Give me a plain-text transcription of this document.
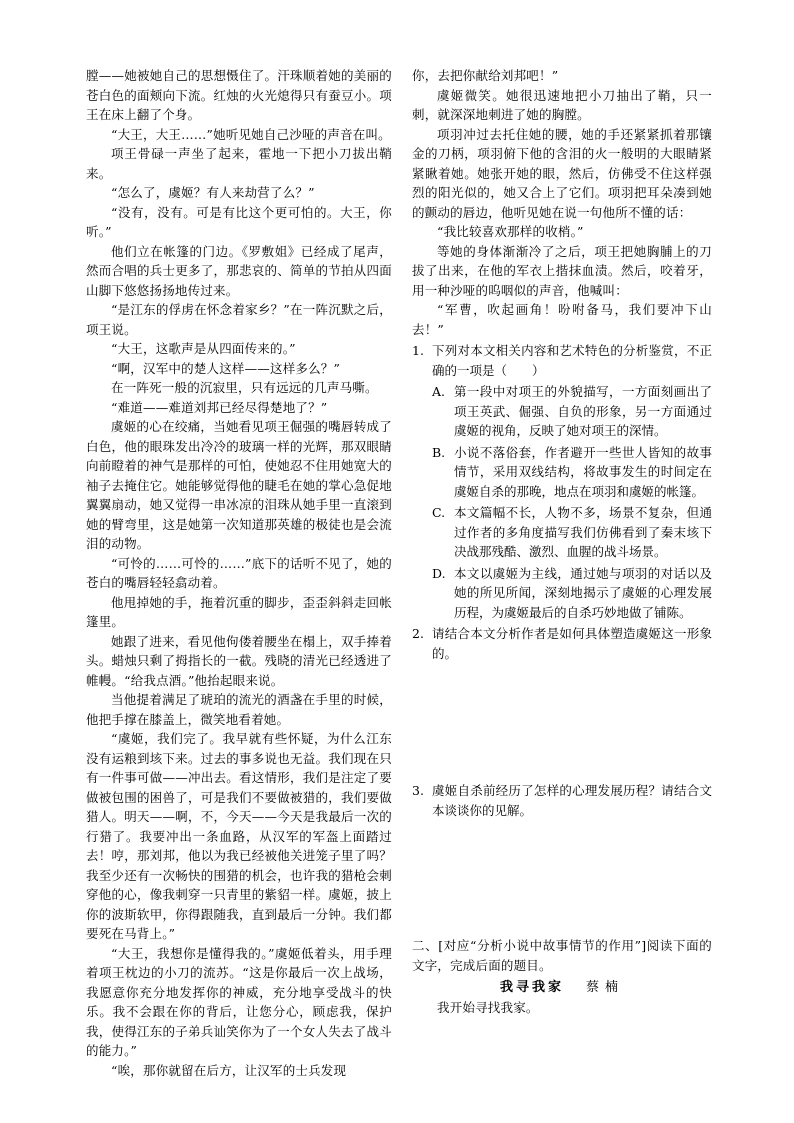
膛——她被她自己的思想慑住了。汗珠顺着她的美丽的苍白色的面颊向下流。红烛的火光熄得只有蚕豆小。项王在床上翻了个身。

“大王，大王……”她听见她自己沙哑的声音在叫。

项王骨碌一声坐了起来，霍地一下把小刀拔出鞘来。

“怎么了，虞姬？有人来劫营了么？”

“没有，没有。可是有比这个更可怕的。大王，你听。”

他们立在帐篷的门边。《罗敷姐》已经成了尾声，然而合唱的兵士更多了，那悲哀的、简单的节拍从四面山脚下悠悠扬扬地传过来。

“是江东的俘虏在怀念着家乡？”在一阵沉默之后，项王说。

“大王，这歌声是从四面传来的。”

“啊，汉军中的楚人这样——这样多么？”

在一阵死一般的沉寂里，只有远远的几声马嘶。

“难道——难道刘邦已经尽得楚地了？”

虞姬的心在绞痛，当她看见项王倔强的嘴唇转成了白色，他的眼珠发出冷冷的玻璃一样的光辉，那双眼睛向前瞪着的神气是那样的可怕，使她忍不住用她宽大的袖子去掩住它。她能够觉得他的睫毛在她的掌心急促地翼翼扇动，她又觉得一串冰凉的泪珠从她手里一直滚到她的臂弯里，这是她第一次知道那英雄的极徒也是会流泪的动物。

“可怜的……可怜的……”底下的话听不见了，她的苍白的嘴唇轻轻翕动着。

他甩掉她的手，拖着沉重的脚步，歪歪斜斜走回帐篷里。

她跟了进来，看见他佝偻着腰坐在榻上，双手捧着头。蜡烛只剩了拇指长的一截。残晓的清光已经透进了帷幔。“给我点酒。”他抬起眼来说。

当他提着满足了琥珀的流光的酒盏在手里的时候，他把手撑在膝盖上，微笑地看着她。

“虞姬，我们完了。我早就有些怀疑，为什么江东没有运粮到垓下来。过去的事多说也无益。我们现在只有一件事可做——冲出去。看这情形，我们是注定了要做被包围的困兽了，可是我们不要做被猎的，我们要做猎人。明天——啊，不，今天——今天是我最后一次的行猎了。我要冲出一条血路，从汉军的军盔上面踏过去！哼，那刘邦，他以为我已经被他关进笼子里了吗？我至少还有一次畅快的围猎的机会，也许我的猎枪会刺穿他的心，像我刺穿一只青里的紫貂一样。虞姬，披上你的波斯软甲，你得跟随我，直到最后一分钟。我们都要死在马背上。”

“大王，我想你是懂得我的。”虞姬低着头，用手理着项王枕边的小刀的流苏。“这是你最后一次上战场，我愿意你充分地发挥你的神威，充分地享受战斗的快乐。我不会跟在你的背后，让您分心，顾虑我，保护我，使得江东的子弟兵讪笑你为了一个女人失去了战斗的能力。”

“唉，那你就留在后方，让汉军的士兵发现

你，去把你献给刘邦吧！”

虞姬微笑。她很迅速地把小刀抽出了鞘，只一刺，就深深地刺进了她的胸膛。

项羽冲过去托住她的腰，她的手还紧紧抓着那镶金的刀柄，项羽俯下他的含泪的火一般明的大眼睛紧紧瞅着她。她张开她的眼，然后，仿佛受不住这样强烈的阳光似的，她又合上了它们。项羽把耳朵凑到她的颤动的唇边，他听见她在说一句他所不懂的话：

“我比较喜欢那样的收梢。”

等她的身体渐渐冷了之后，项王把她胸脯上的刀拔了出来，在他的军衣上揩抹血渍。然后，咬着牙，用一种沙哑的呜咽似的声音，他喊叫：

“军曹，吹起画角！吩咐备马，我们要冲下山去！”

1. 下列对本文相关内容和艺术特色的分析鉴赏，不正确的一项是（　　）
A. 第一段中对项王的外貌描写，一方面刻画出了项王英武、倔强、自负的形象，另一方面通过虞姬的视角，反映了她对项王的深情。
B. 小说不落俗套，作者避开一些世人皆知的故事情节，采用双线结构，将故事发生的时间定在虞姬自杀的那晚，地点在项羽和虞姬的帐篷。
C. 本文篇幅不长，人物不多，场景不复杂，但通过作者的多角度描写我们仿佛看到了秦末垓下决战那残酷、激烈、血腥的战斗场景。
D. 本文以虞姬为主线，通过她与项羽的对话以及她的所见所闻，深刻地揭示了虞姬的心理发展历程，为虞姬最后的自杀巧妙地做了铺陈。
2. 请结合本文分析作者是如何具体塑造虞姬这一形象的。
3. 虞姬自杀前经历了怎样的心理发展历程？请结合文本谈谈你的见解。

二、[对应“分析小说中故事情节的作用”]阅读下面的文字，完成后面的题目。

我寻我家 蔡楠

我开始寻找我家。
